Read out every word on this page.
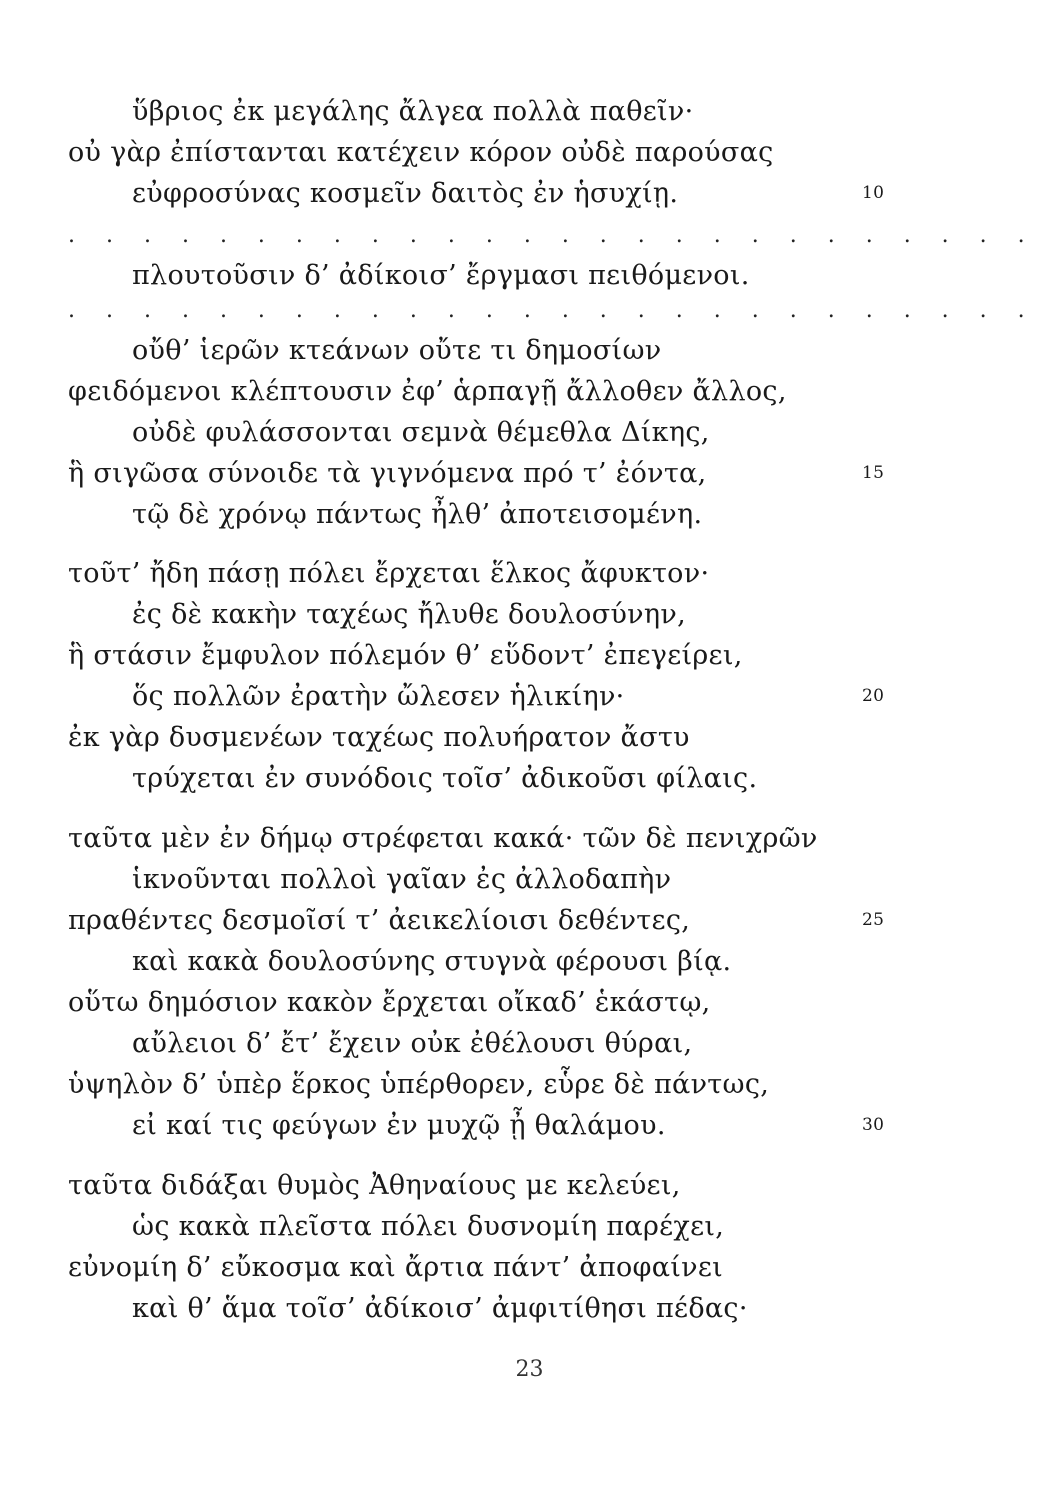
ὕβριος ἐκ μεγάλης ἄλγεα πολλὰ παθεῖν·
οὐ γὰρ ἐπίστανται κατέχειν κόρον οὐδὲ παρούσας
εὐφροσύνας κοσμεῖν δαιτὸς ἐν ἡσυχίῃ.	10
. . . . . . . . . . . . . . . . . . . . . . . . . .
πλουτοῦσιν δ’ ἀδίκοισ’ ἔργμασι πειθόμενοι.
. . . . . . . . . . . . . . . . . . . . . . . . . .
οὔθ’ ἱερῶν κτεάνων οὔτε τι δημοσίων
φειδόμενοι κλέπτουσιν ἐφ’ ἁρπαγῇ ἄλλοθεν ἄλλος,
οὐδὲ φυλάσσονται σεμνὰ θέμεθλα Δίκης,
ἣ σιγῶσα σύνοιδε τὰ γιγνόμενα πρό τ’ ἐόντα,	15
τῷ δὲ χρόνῳ πάντως ἦλθ’ ἀποτεισομένη.
τοῦτ’ ἤδη πάσῃ πόλει ἔρχεται ἕλκος ἄφυκτον·
ἐς δὲ κακὴν ταχέως ἤλυθε δουλοσύνην,
ἣ στάσιν ἔμφυλον πόλεμόν θ’ εὕδοντ’ ἐπεγείρει,
ὅς πολλῶν ἐρατὴν ὤλεσεν ἡλικίην·	20
ἐκ γὰρ δυσμενέων ταχέως πολυήρατον ἄστυ
τρύχεται ἐν συνόδοις τοῖσ’ ἀδικοῦσι φίλαις.
ταῦτα μὲν ἐν δήμῳ στρέφεται κακά· τῶν δὲ πενιχρῶν
ἱκνοῦνται πολλοὶ γαῖαν ἐς ἀλλοδαπὴν
πραθέντες δεσμοῖσί τ’ ἀεικελίοισι δεθέντες,	25
καὶ κακὰ δουλοσύνης στυγνὰ φέρουσι βίᾳ.
οὕτω δημόσιον κακὸν ἔρχεται οἴκαδ’ ἑκάστῳ,
αὔλειοι δ’ ἔτ’ ἔχειν οὐκ ἐθέλουσι θύραι,
ὑψηλὸν δ’ ὑπὲρ ἕρκος ὑπέρθορεν, εὗρε δὲ πάντως,
εἰ καί τις φεύγων ἐν μυχῷ ᾖ θαλάμου.	30
ταῦτα διδάξαι θυμὸς Ἀθηναίους με κελεύει,
ὡς κακὰ πλεῖστα πόλει δυσνομίη παρέχει,
εὐνομίη δ’ εὔκοσμα καὶ ἄρτια πάντ’ ἀποφαίνει
καὶ θ’ ἅμα τοῖσ’ ἀδίκοισ’ ἀμφιτίθησι πέδας·
23
